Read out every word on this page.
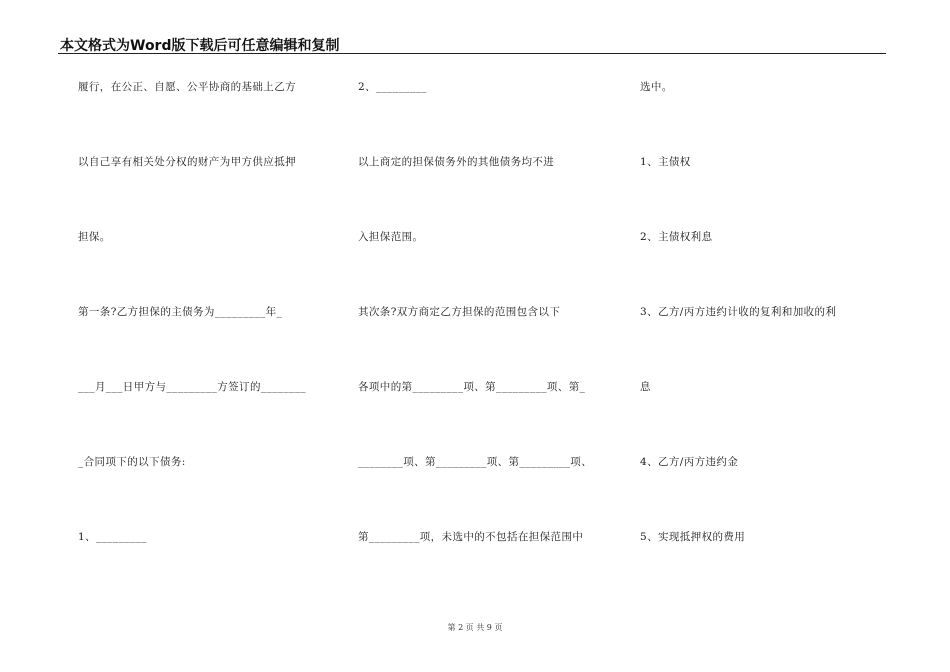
本文格式为Word版下载后可任意编辑和复制
履行，在公正、自愿、公平协商的基础上乙方
以自己享有相关处分权的财产为甲方供应抵押
担保。
第一条?乙方担保的主债务为_________年_
___月___日甲方与_________方签订的________
_合同项下的以下债务:
1、_________
2、_________
以上商定的担保债务外的其他债务均不进
入担保范围。
其次条?双方商定乙方担保的范围包含以下
各项中的第_________项、第_________项、第_
________项、第_________项、第_________项、
第_________项，未选中的不包括在担保范围中
选中。
1、主债权
2、主债权利息
3、乙方/丙方违约计收的复利和加收的利
息
4、乙方/丙方违约金
5、实现抵押权的费用
第 2 页 共 9 页
